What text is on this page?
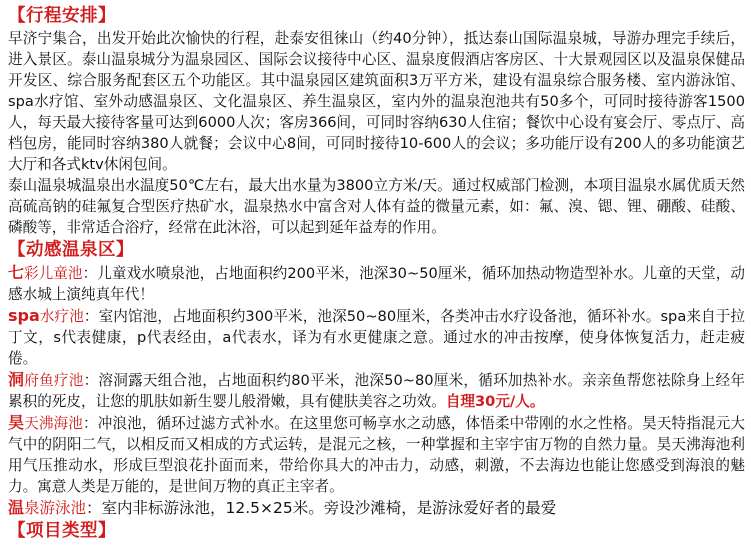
【行程安排】

早济宁集合，出发开始此次愉快的行程，赴泰安徂徕山（约40分钟），抵达泰山国际温泉城，导游办理完手续后，进入景区。泰山温泉城分为温泉园区、国际会议接待中心区、温泉度假酒店客房区、十大景观园区以及温泉保健品开发区、综合服务配套区五个功能区。其中温泉园区建筑面积3万平方米，建设有温泉综合服务楼、室内游泳馆、spa水疗馆、室外动感温泉区、文化温泉区、养生温泉区，室内外的温泉泡池共有50多个，可同时接待游客1500人，每天最大接待客量可达到6000人次；客房366间，可同时容纳630人住宿；餐饮中心设有宴会厅、零点厅、高档包房，能同时容纳380人就餐；会议中心8间，可同时接待10-600人的会议；多功能厅设有200人的多功能演艺大厅和各式ktv休闲包间。

泰山温泉城温泉出水温度50℃左右，最大出水量为3800立方米/天。通过权威部门检测，本项目温泉水属优质天然高硫高钠的硅氟复合型医疗热矿水，温泉热水中富含对人体有益的微量元素，如：氟、溴、锶、锂、硼酸、硅酸、磷酸等，非常适合浴疗，经常在此沐浴，可以起到延年益寿的作用。

【动感温泉区】

七彩儿童池：儿童戏水喷泉池，占地面积约200平米，池深30~50厘米，循环加热动物造型补水。儿童的天堂，动感水城上演纯真年代！

spa水疗池：室内馆池，占地面积约300平米，池深50~80厘米，各类冲击水疗设备池，循环补水。spa来自于拉丁文，s代表健康，p代表经由，a代表水，译为有水更健康之意。通过水的冲击按摩，使身体恢复活力，赶走疲倦。

洞府鱼疗池：溶洞露天组合池，占地面积约80平米，池深50~80厘米，循环加热补水。亲亲鱼帮您祛除身上经年累积的死皮，让您的肌肤如新生婴儿般滑嫩，具有健肤美容之功效。自理30元/人。

昊天沸海池：冲浪池，循环过滤方式补水。在这里您可畅享水之动感，体悟柔中带刚的水之性格。昊天特指混元大气中的阴阳二气，以相反而又相成的方式运转，是混元之核，一种掌握和主宰宇宙万物的自然力量。昊天沸海池利用气压推动水，形成巨型浪花扑面而来，带给你具大的冲击力，动感，刺激，不去海边也能让您感受到海浪的魅力。寓意人类是万能的，是世间万物的真正主宰者。

温泉游泳池：室内非标游泳池，12.5×25米。旁设沙滩椅，是游泳爱好者的最爱

【项目类型】
